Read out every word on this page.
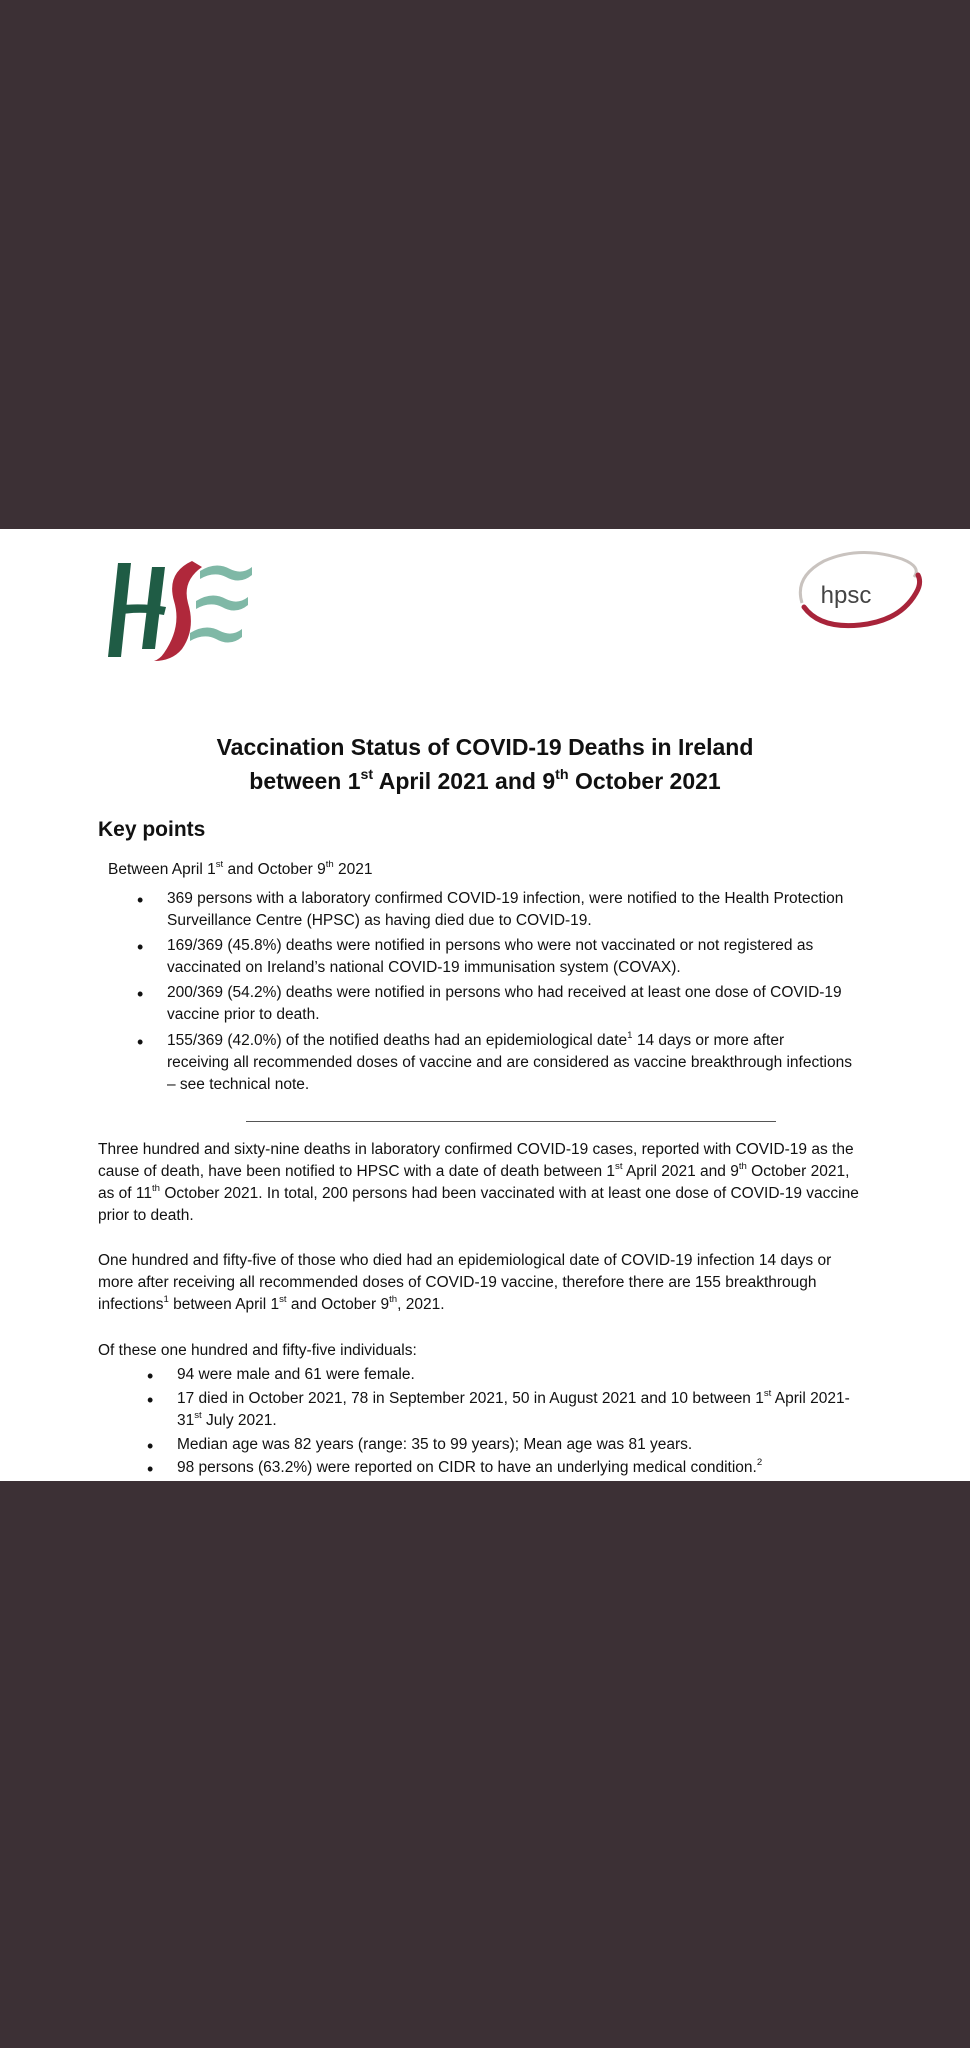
hpsc
Vaccination Status of COVID-19 Deaths in Ireland
between 1st April 2021 and 9th October 2021
Key points
Between April 1st and October 9th 2021
• 369 persons with a laboratory confirmed COVID-19 infection, were notified to the Health Protection
Surveillance Centre (HPSC) as having died due to COVID-19.
• 169/369 (45.8%) deaths were notified in persons who were not vaccinated or not registered as
vaccinated on Ireland’s national COVID-19 immunisation system (COVAX).
• 200/369 (54.2%) deaths were notified in persons who had received at least one dose of COVID-19
vaccine prior to death.
• 155/369 (42.0%) of the notified deaths had an epidemiological date$^1$ 14 days or more after
receiving all recommended doses of vaccine and are considered as vaccine breakthrough infections
– see technical note.
Three hundred and sixty-nine deaths in laboratory confirmed COVID-19 cases, reported with COVID-19 as the
cause of death, have been notified to HPSC with a date of death between 1st April 2021 and 9th October 2021,
as of 11th October 2021. In total, 200 persons had been vaccinated with at least one dose of COVID-19 vaccine
prior to death.
One hundred and fifty-five of those who died had an epidemiological date of COVID-19 infection 14 days or
more after receiving all recommended doses of COVID-19 vaccine, therefore there are 155 breakthrough
infections$^1$ between April 1st and October 9th, 2021.
Of these one hundred and fifty-five individuals:
• 94 were male and 61 were female.
• 17 died in October 2021, 78 in September 2021, 50 in August 2021 and 10 between 1st April 2021-
31st July 2021.
• Median age was 82 years (range: 35 to 99 years); Mean age was 81 years.
• 98 persons (63.2%) were reported on CIDR to have an underlying medical condition.$^2$
